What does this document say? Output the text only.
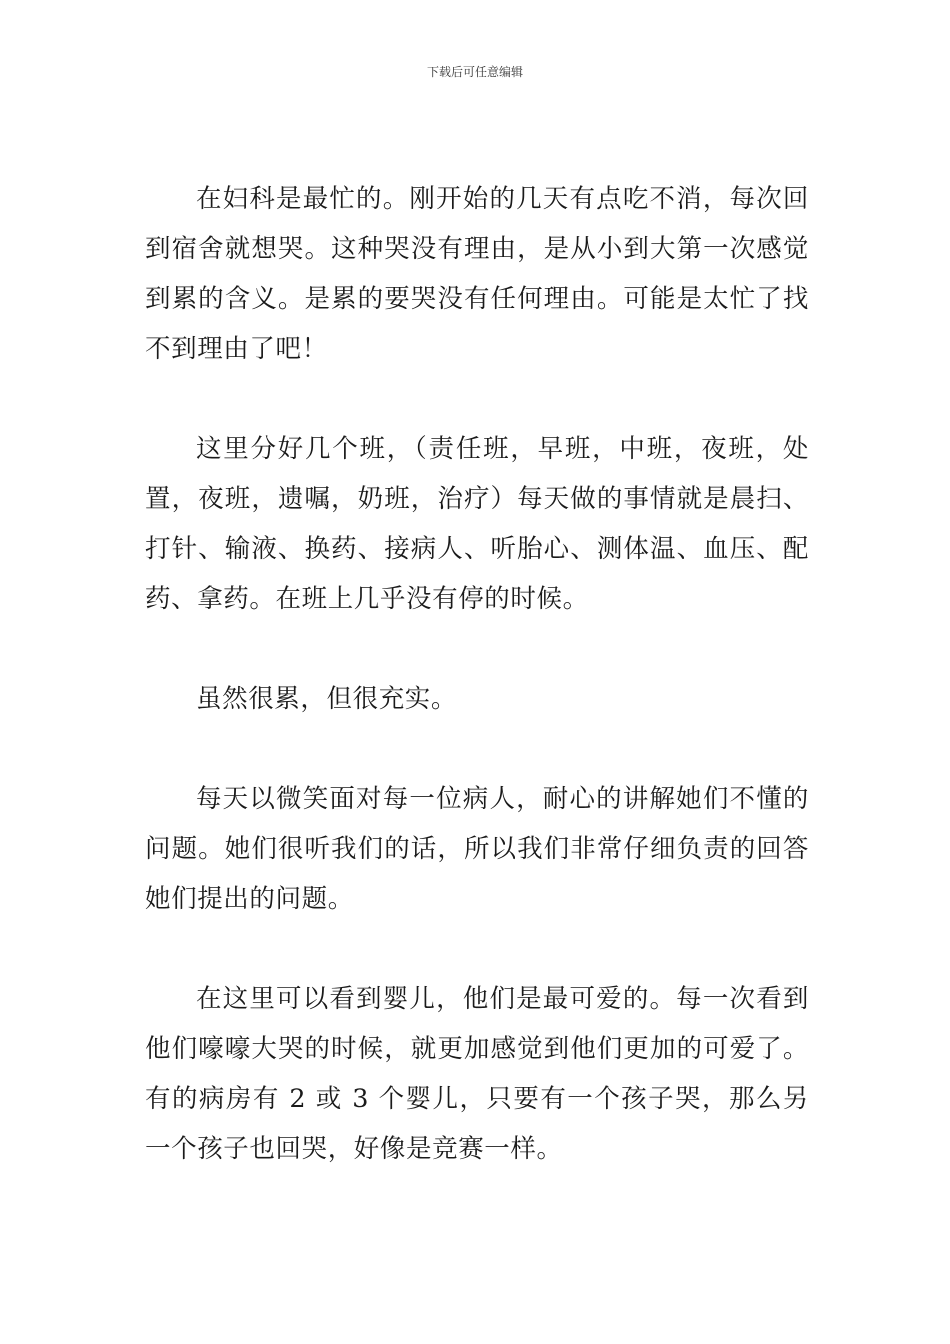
下载后可任意编辑

在妇科是最忙的。刚开始的几天有点吃不消，每次回到宿舍就想哭。这种哭没有理由，是从小到大第一次感觉到累的含义。是累的要哭没有任何理由。可能是太忙了找不到理由了吧！

这里分好几个班，（责任班，早班，中班，夜班，处置，夜班，遗嘱，奶班，治疗）每天做的事情就是晨扫、打针、输液、换药、接病人、听胎心、测体温、血压、配药、拿药。在班上几乎没有停的时候。

虽然很累，但很充实。

每天以微笑面对每一位病人，耐心的讲解她们不懂的问题。她们很听我们的话，所以我们非常仔细负责的回答她们提出的问题。

在这里可以看到婴儿，他们是最可爱的。每一次看到他们嚎嚎大哭的时候，就更加感觉到他们更加的可爱了。有的病房有 2 或 3 个婴儿，只要有一个孩子哭，那么另一个孩子也回哭，好像是竞赛一样。
